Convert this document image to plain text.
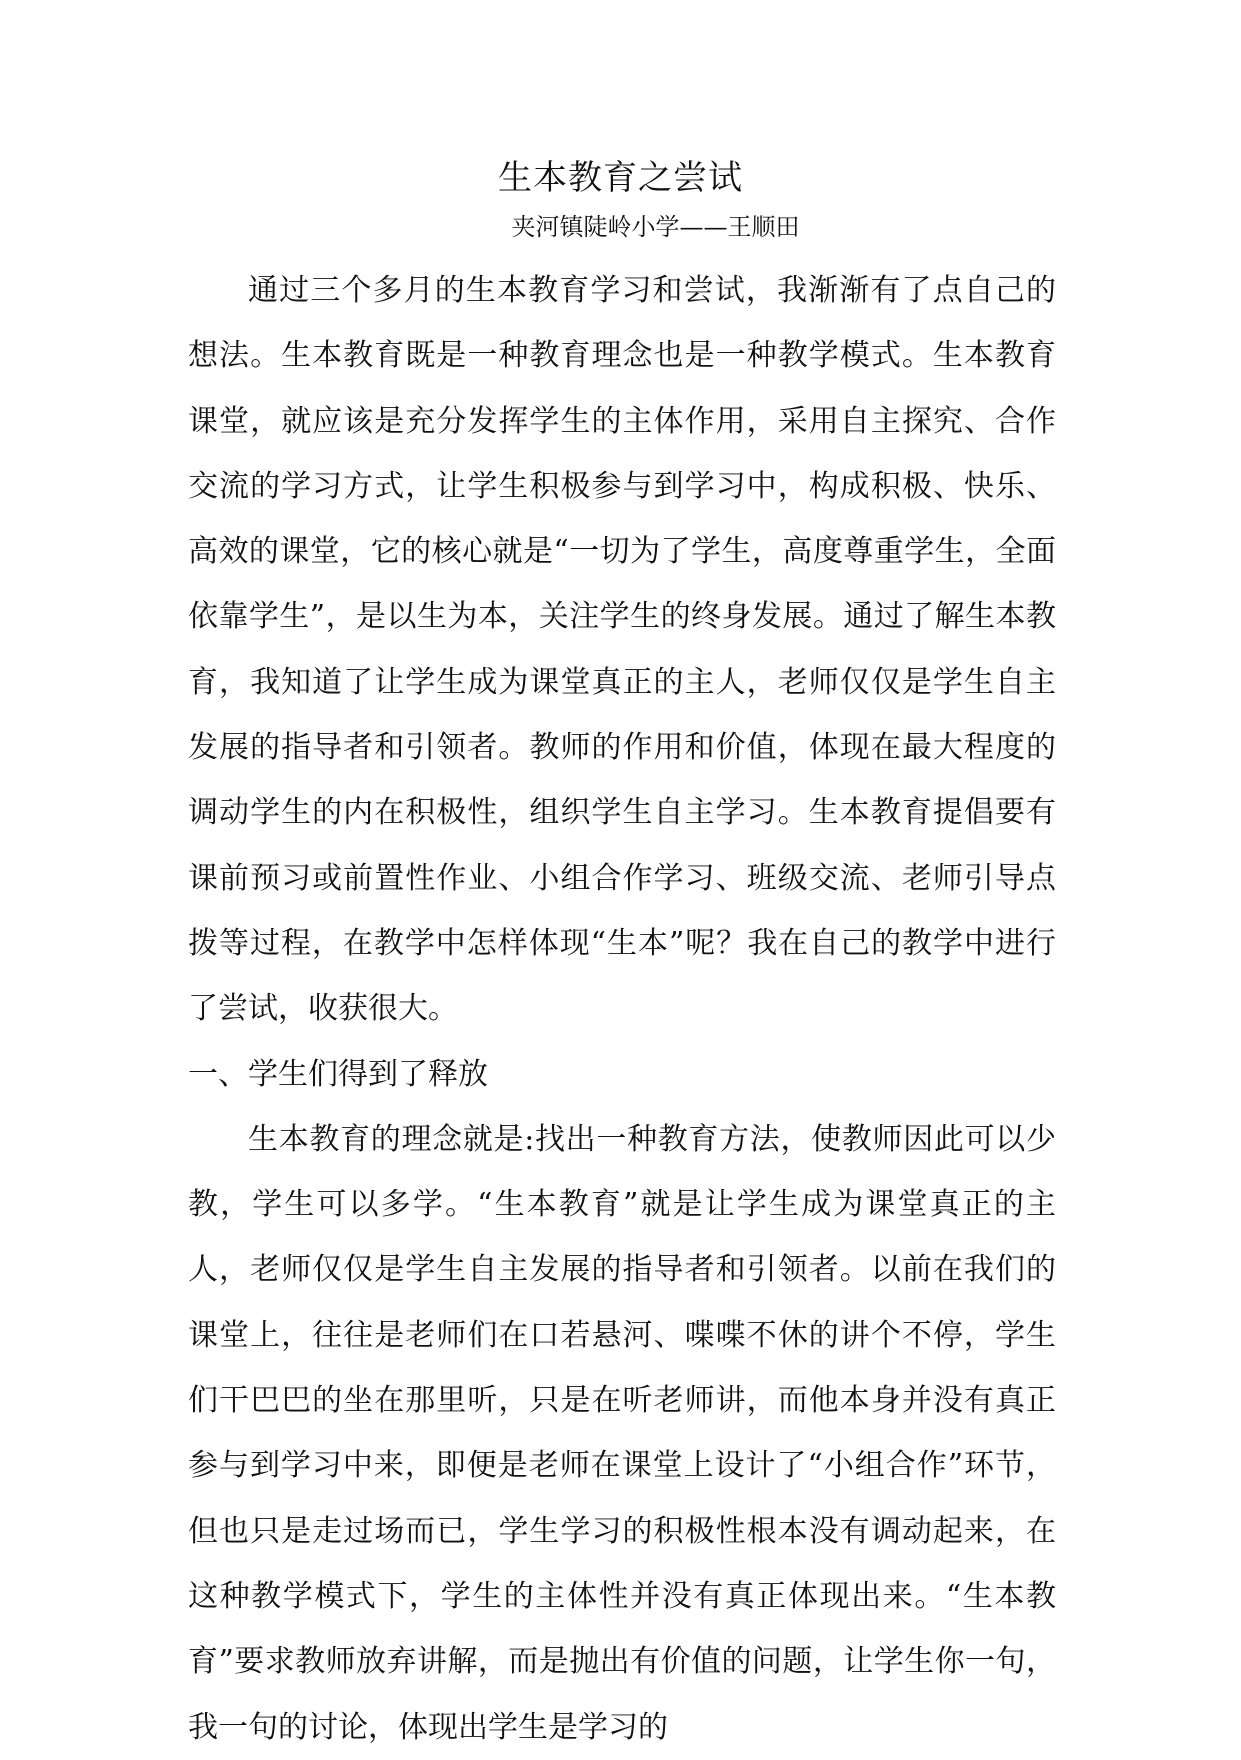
生本教育之尝试
夹河镇陡岭小学——王顺田

通过三个多月的生本教育学习和尝试，我渐渐有了点自己的想法。生本教育既是一种教育理念也是一种教学模式。生本教育课堂，就应该是充分发挥学生的主体作用，采用自主探究、合作交流的学习方式，让学生积极参与到学习中，构成积极、快乐、高效的课堂，它的核心就是“一切为了学生，高度尊重学生，全面依靠学生”，是以生为本，关注学生的终身发展。通过了解生本教育，我知道了让学生成为课堂真正的主人，老师仅仅是学生自主发展的指导者和引领者。教师的作用和价值，体现在最大程度的调动学生的内在积极性，组织学生自主学习。生本教育提倡要有课前预习或前置性作业、小组合作学习、班级交流、老师引导点拨等过程，在教学中怎样体现“生本”呢？我在自己的教学中进行了尝试，收获很大。

一、学生们得到了释放

生本教育的理念就是:找出一种教育方法，使教师因此可以少教，学生可以多学。“生本教育”就是让学生成为课堂真正的主人，老师仅仅是学生自主发展的指导者和引领者。以前在我们的课堂上，往往是老师们在口若悬河、喋喋不休的讲个不停，学生们干巴巴的坐在那里听，只是在听老师讲，而他本身并没有真正参与到学习中来，即便是老师在课堂上设计了“小组合作”环节，但也只是走过场而已，学生学习的积极性根本没有调动起来，在这种教学模式下，学生的主体性并没有真正体现出来。“生本教育”要求教师放弃讲解，而是抛出有价值的问题，让学生你一句，我一句的讨论，体现出学生是学习的
